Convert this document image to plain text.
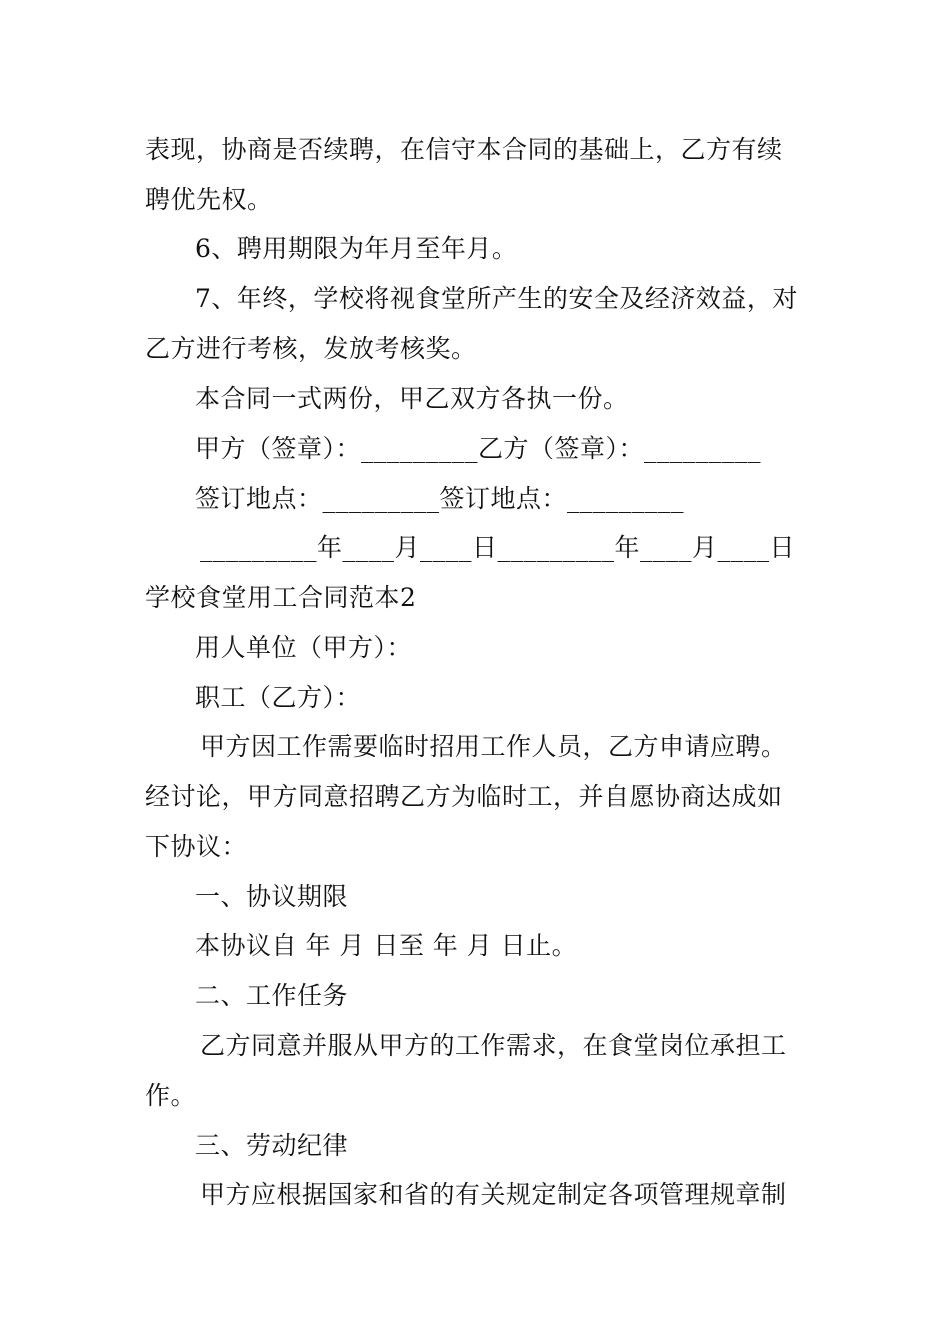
表现，协商是否续聘，在信守本合同的基础上，乙方有续
聘优先权。
6、聘用期限为年月至年月。
7、年终，学校将视食堂所产生的安全及经济效益，对
乙方进行考核，发放考核奖。
本合同一式两份，甲乙双方各执一份。
甲方（签章）：_________乙方（签章）：_________
签订地点：_________签订地点：_________
_________年____月____日_________年____月____日
学校食堂用工合同范本2
用人单位（甲方）：
职工（乙方）：
甲方因工作需要临时招用工作人员，乙方申请应聘。
经讨论，甲方同意招聘乙方为临时工，并自愿协商达成如
下协议：
一、协议期限
本协议自 年 月 日至 年 月 日止。
二、工作任务
乙方同意并服从甲方的工作需求，在食堂岗位承担工
作。
三、劳动纪律
甲方应根据国家和省的有关规定制定各项管理规章制
